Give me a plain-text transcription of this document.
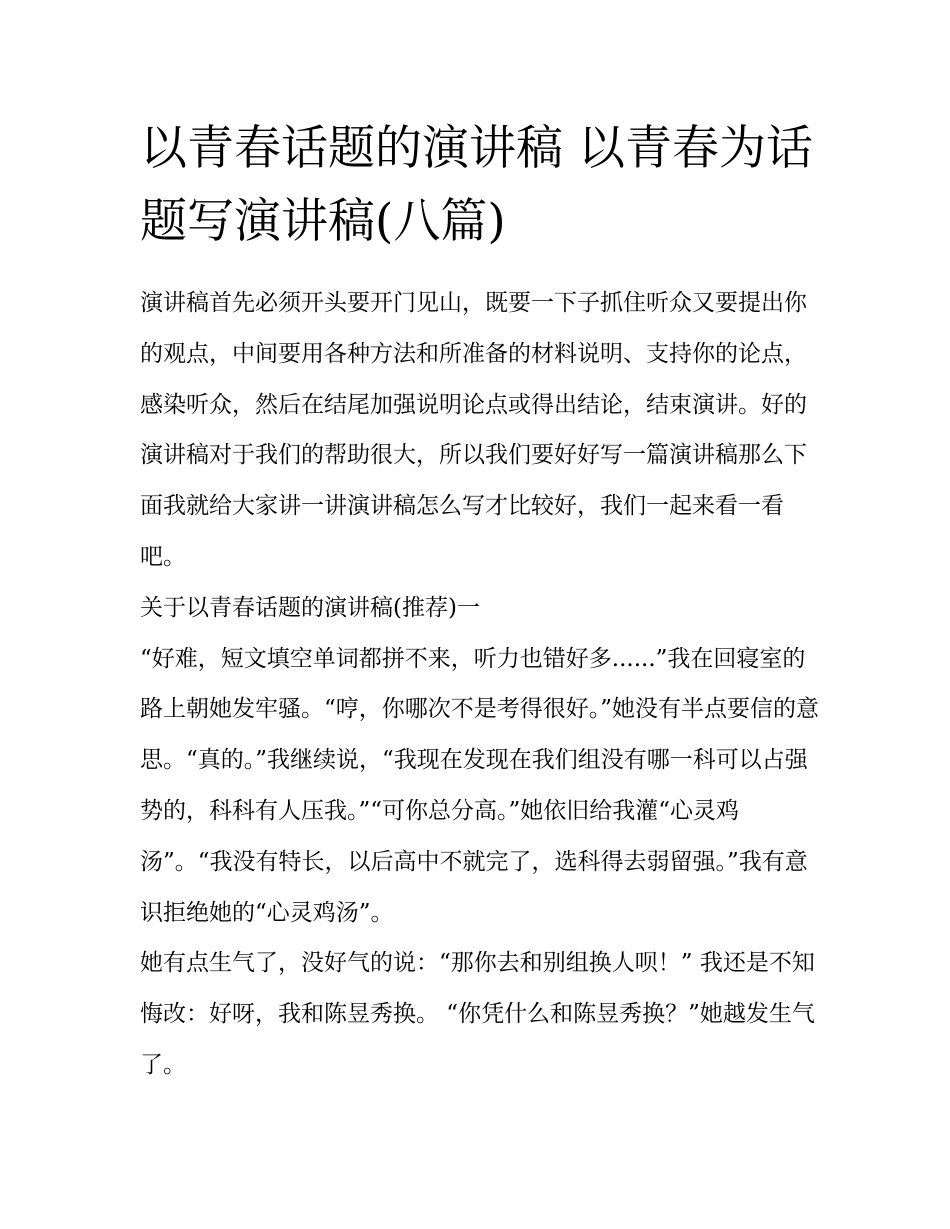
以青春话题的演讲稿 以青春为话题写演讲稿(八篇)

演讲稿首先必须开头要开门见山，既要一下子抓住听众又要提出你的观点，中间要用各种方法和所准备的材料说明、支持你的论点，感染听众，然后在结尾加强说明论点或得出结论，结束演讲。好的演讲稿对于我们的帮助很大，所以我们要好好写一篇演讲稿那么下面我就给大家讲一讲演讲稿怎么写才比较好，我们一起来看一看吧。

关于以青春话题的演讲稿(推荐)一

“好难，短文填空单词都拼不来，听力也错好多......”我在回寝室的路上朝她发牢骚。“哼，你哪次不是考得很好。”她没有半点要信的意思。“真的。”我继续说，“我现在发现在我们组没有哪一科可以占强势的，科科有人压我。”“可你总分高。”她依旧给我灌“心灵鸡汤”。“我没有特长，以后高中不就完了，选科得去弱留强。”我有意识拒绝她的“心灵鸡汤”。

她有点生气了，没好气的说：“那你去和别组换人呗！” 我还是不知悔改：好呀，我和陈昱秀换。 “你凭什么和陈昱秀换？”她越发生气了。
